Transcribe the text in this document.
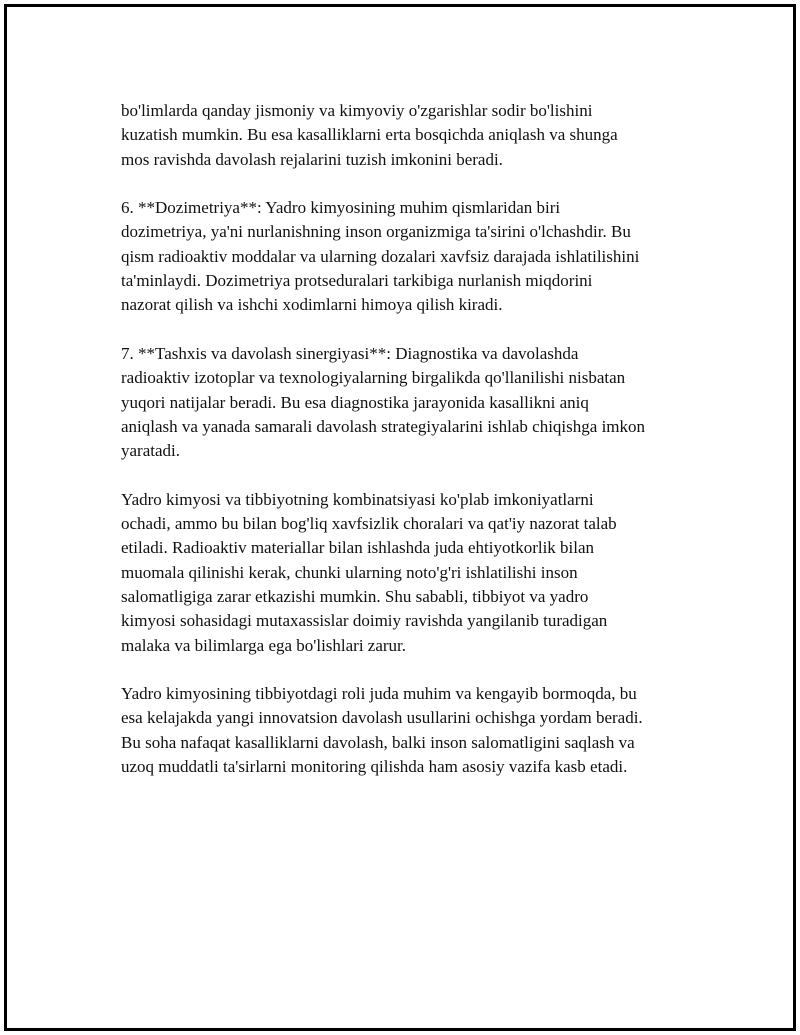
bo'limlarda qanday jismoniy va kimyoviy o'zgarishlar sodir bo'lishini
kuzatish mumkin. Bu esa kasalliklarni erta bosqichda aniqlash va shunga
mos ravishda davolash rejalarini tuzish imkonini beradi.

6. **Dozimetriya**: Yadro kimyosining muhim qismlaridan biri
dozimetriya, ya'ni nurlanishning inson organizmiga ta'sirini o'lchashdir. Bu
qism radioaktiv moddalar va ularning dozalari xavfsiz darajada ishlatilishini
ta'minlaydi. Dozimetriya protseduralari tarkibiga nurlanish miqdorini
nazorat qilish va ishchi xodimlarni himoya qilish kiradi.

7. **Tashxis va davolash sinergiyasi**: Diagnostika va davolashda
radioaktiv izotoplar va texnologiyalarning birgalikda qo'llanilishi nisbatan
yuqori natijalar beradi. Bu esa diagnostika jarayonida kasallikni aniq
aniqlash va yanada samarali davolash strategiyalarini ishlab chiqishga imkon
yaratadi.

Yadro kimyosi va tibbiyotning kombinatsiyasi ko'plab imkoniyatlarni
ochadi, ammo bu bilan bog'liq xavfsizlik choralari va qat'iy nazorat talab
etiladi. Radioaktiv materiallar bilan ishlashda juda ehtiyotkorlik bilan
muomala qilinishi kerak, chunki ularning noto'g'ri ishlatilishi inson
salomatligiga zarar etkazishi mumkin. Shu sababli, tibbiyot va yadro
kimyosi sohasidagi mutaxassislar doimiy ravishda yangilanib turadigan
malaka va bilimlarga ega bo'lishlari zarur.

Yadro kimyosining tibbiyotdagi roli juda muhim va kengayib bormoqda, bu
esa kelajakda yangi innovatsion davolash usullarini ochishga yordam beradi.
Bu soha nafaqat kasalliklarni davolash, balki inson salomatligini saqlash va
uzoq muddatli ta'sirlarni monitoring qilishda ham asosiy vazifa kasb etadi.
